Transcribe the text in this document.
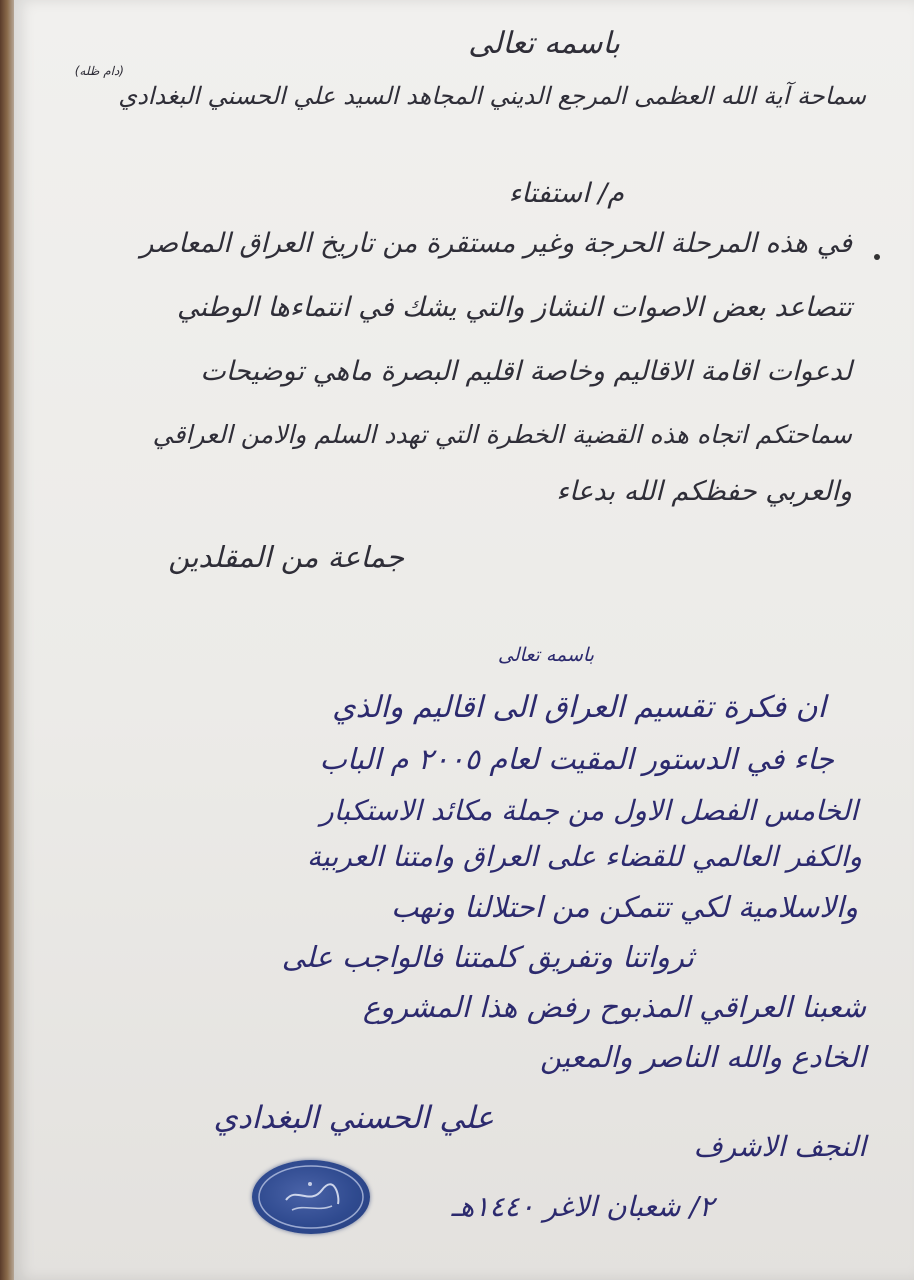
باسمه تعالى
سماحة آية الله العظمى المرجع الديني المجاهد السيد علي الحسني البغدادي
(دام ظله)
م/ استفتاء
في هذه المرحلة الحرجة وغير مستقرة من تاريخ العراق المعاصر
تتصاعد بعض الاصوات النشاز والتي يشك في انتماءها الوطني
لدعوات اقامة الاقاليم وخاصة اقليم البصرة ماهي توضيحات
سماحتكم اتجاه هذه القضية الخطرة التي تهدد السلم والامن العراقي
والعربي حفظكم الله بدعاء
جماعة من المقلدين
باسمه تعالى
ان فكرة تقسيم العراق الى اقاليم والذي
جاء في الدستور المقيت لعام ٢٠٠٥ م الباب
الخامس الفصل الاول من جملة مكائد الاستكبار
والكفر العالمي للقضاء على العراق وامتنا العربية
والاسلامية لكي تتمكن من احتلالنا ونهب
ثرواتنا وتفريق كلمتنا فالواجب على
شعبنا العراقي المذبوح رفض هذا المشروع
الخادع والله الناصر والمعين
علي الحسني البغدادي
النجف الاشرف
٢/ شعبان الاغر ١٤٤٠هـ
